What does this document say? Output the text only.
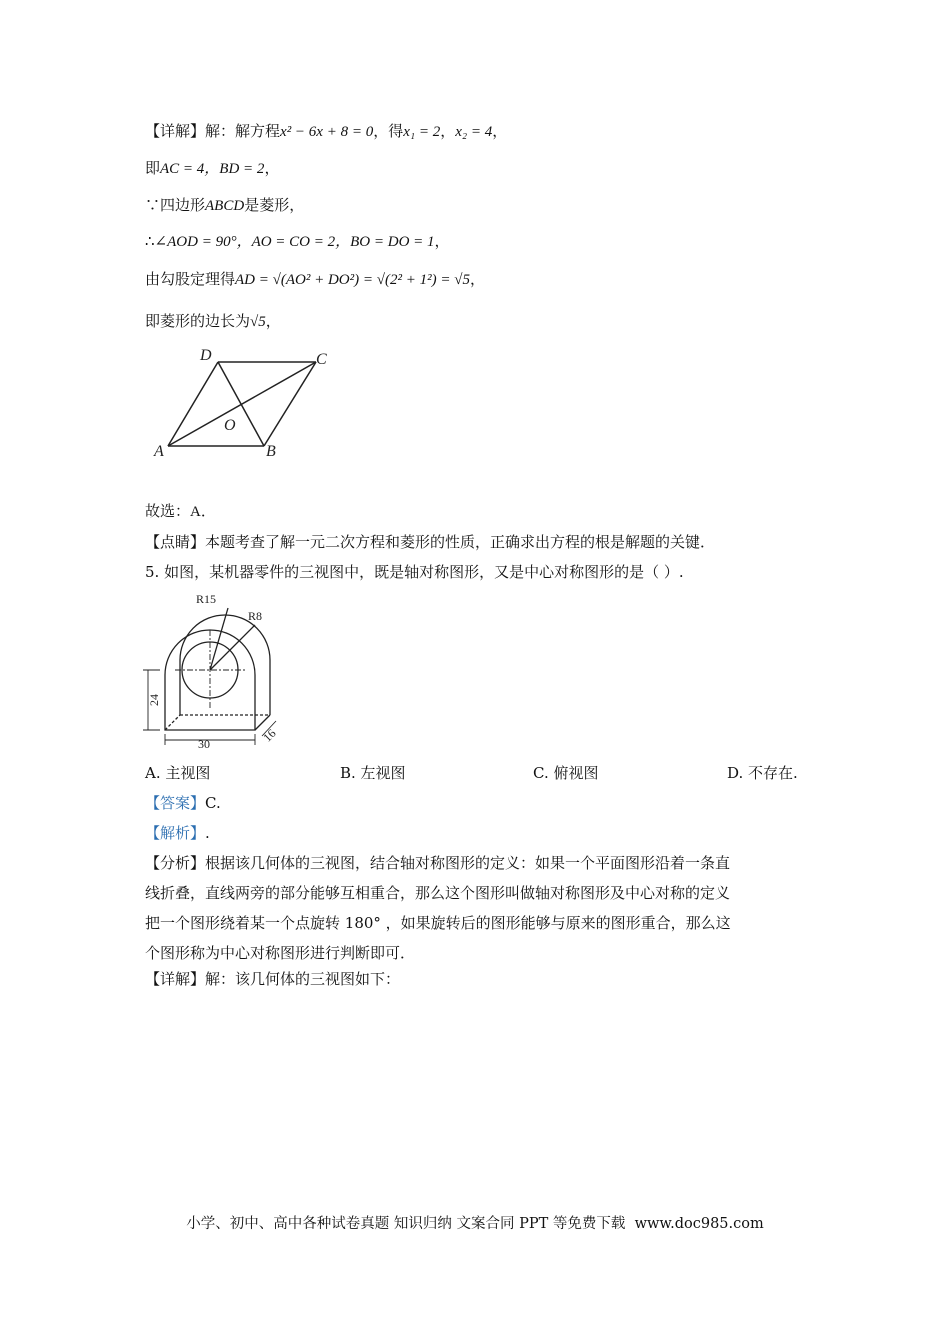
【详解】解：解方程x² − 6x + 8 = 0，得x₁ = 2，x₂ = 4，
即AC = 4，BD = 2，
∵四边形ABCD是菱形，
∴∠AOD = 90°，AO = CO = 2，BO = DO = 1，
由勾股定理得AD = √(AO² + DO²) = √(2² + 1²) = √5，
即菱形的边长为√5，
A	B
C
D
O
故选：A．
【点睛】本题考查了解一元二次方程和菱形的性质，正确求出方程的根是解题的关键．
5. 如图，某机器零件的三视图中，既是轴对称图形，又是中心对称图形的是（ ）.
R15
R8
24
30	16
A. 主视图	B. 左视图	C. 俯视图	D. 不存在.
【答案】C.
【解析】.
【分析】根据该几何体的三视图，结合轴对称图形的定义：如果一个平面图形沿着一条直
线折叠，直线两旁的部分能够互相重合，那么这个图形叫做轴对称图形及中心对称的定义
把一个图形绕着某一个点旋转 180° ，如果旋转后的图形能够与原来的图形重合，那么这
个图形称为中心对称图形进行判断即可．
【详解】解：该几何体的三视图如下：
小学、初中、高中各种试卷真题 知识归纳 文案合同 PPT 等免费下载 www.doc985.com
